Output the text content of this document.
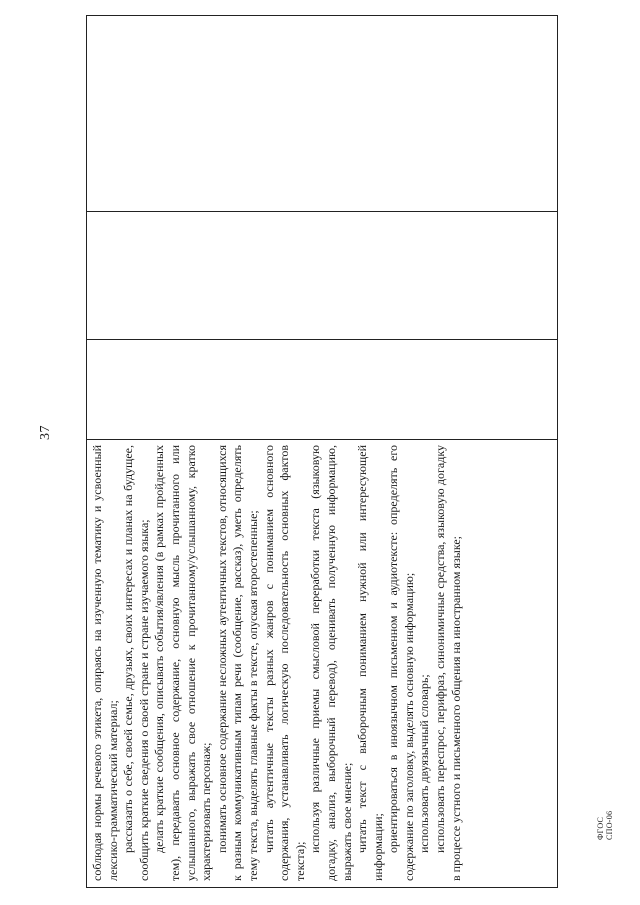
37

соблюдая нормы речевого этикета, опираясь на изученную тематику и усвоенный лексико-грамматический материал; рассказать о себе, своей семье, друзьях, своих интересах и планах на будущее, сообщить краткие сведения о своей стране и стране изучаемого языка; делать краткие сообщения, описывать события/явления (в рамках пройденных тем), передавать основное содержание, основную мысль прочитанного или услышанного, выражать свое отношение к прочитанному/услышанному, кратко характеризовать персонаж; понимать основное содержание несложных аутентичных текстов, относящихся к разным коммуникативным типам речи (сообщение, рассказ), уметь определять тему текста, выделять главные факты в тексте, опуская второстепенные; читать аутентичные тексты разных жанров с пониманием основного содержания, устанавливать логическую последовательность основных фактов текста);

используя различные приемы смысловой переработки текста (языковую догадку, анализ, выборочный перевод), оценивать полученную информацию, выражать свое мнение; читать текст с выборочным пониманием нужной или интересующей информации; ориентироваться в иноязычном письменном и аудиотексте: определять его содержание по заголовку, выделять основную информацию; использовать двуязычный словарь; использовать переспрос, перифраз, синонимичные средства, языковую догадку в процессе устного и письменного общения на иностранном языке;

				ФГОС СПО-06
